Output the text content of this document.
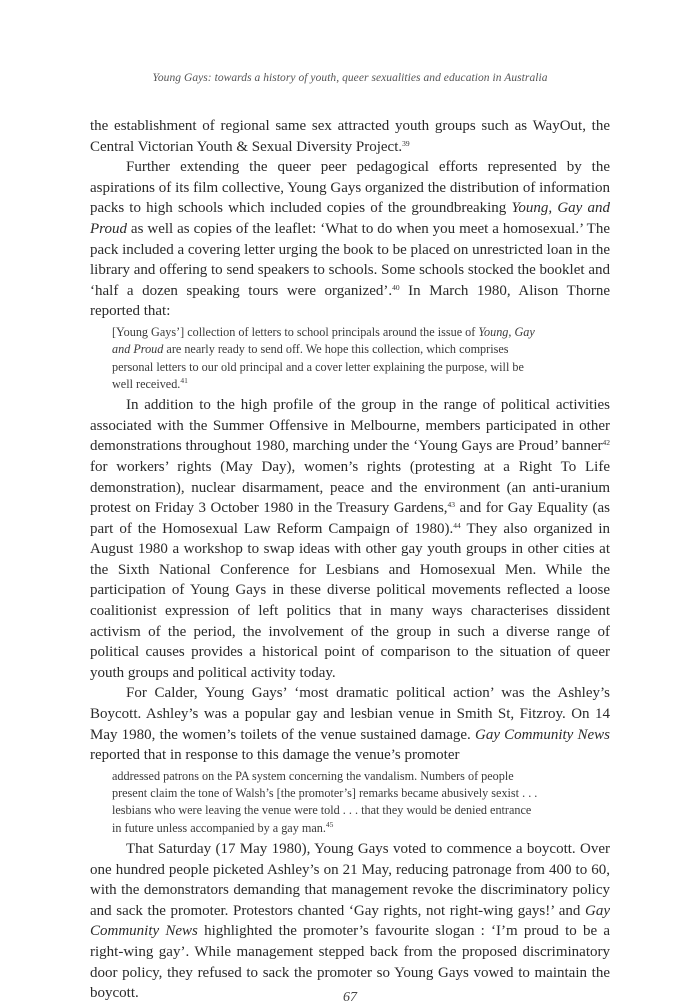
Young Gays: towards a history of youth, queer sexualities and education in Australia

the establishment of regional same sex attracted youth groups such as WayOut, the Central Victorian Youth & Sexual Diversity Project.$^{39}$

Further extending the queer peer pedagogical efforts represented by the aspirations of its film collective, Young Gays organized the distribution of information packs to high schools which included copies of the groundbreaking Young, Gay and Proud as well as copies of the leaflet: ‘What to do when you meet a homosexual.’ The pack included a covering letter urging the book to be placed on unrestricted loan in the library and offering to send speakers to schools. Some schools stocked the booklet and ‘half a dozen speaking tours were organized’.$^{40}$ In March 1980, Alison Thorne reported that:

[Young Gays’] collection of letters to school principals around the issue of Young, Gay and Proud are nearly ready to send off. We hope this collection, which comprises personal letters to our old principal and a cover letter explaining the purpose, will be well received.$^{41}$

In addition to the high profile of the group in the range of political activities associated with the Summer Offensive in Melbourne, members participated in other demonstrations throughout 1980, marching under the ‘Young Gays are Proud’ banner$^{42}$ for workers’ rights (May Day), women’s rights (protesting at a Right To Life demonstration), nuclear disarmament, peace and the environment (an anti-uranium protest on Friday 3 October 1980 in the Treasury Gardens,$^{43}$ and for Gay Equality (as part of the Homosexual Law Reform Campaign of 1980).$^{44}$ They also organized in August 1980 a workshop to swap ideas with other gay youth groups in other cities at the Sixth National Conference for Lesbians and Homosexual Men. While the participation of Young Gays in these diverse political movements reflected a loose coalitionist expression of left politics that in many ways characterises dissident activism of the period, the involvement of the group in such a diverse range of political causes provides a historical point of comparison to the situation of queer youth groups and political activity today.

For Calder, Young Gays’ ‘most dramatic political action’ was the Ashley’s Boycott. Ashley’s was a popular gay and lesbian venue in Smith St, Fitzroy. On 14 May 1980, the women’s toilets of the venue sustained damage. Gay Community News reported that in response to this damage the venue’s promoter

addressed patrons on the PA system concerning the vandalism. Numbers of people present claim the tone of Walsh’s [the promoter’s] remarks became abusively sexist . . . lesbians who were leaving the venue were told . . . that they would be denied entrance in future unless accompanied by a gay man.$^{45}$

That Saturday (17 May 1980), Young Gays voted to commence a boycott. Over one hundred people picketed Ashley’s on 21 May, reducing patronage from 400 to 60, with the demonstrators demanding that management revoke the discriminatory policy and sack the promoter. Protestors chanted ‘Gay rights, not right-wing gays!’ and Gay Community News highlighted the promoter’s favourite slogan : ‘I’m proud to be a right-wing gay’. While management stepped back from the proposed discriminatory door policy, they refused to sack the promoter so Young Gays vowed to maintain the boycott.	67
